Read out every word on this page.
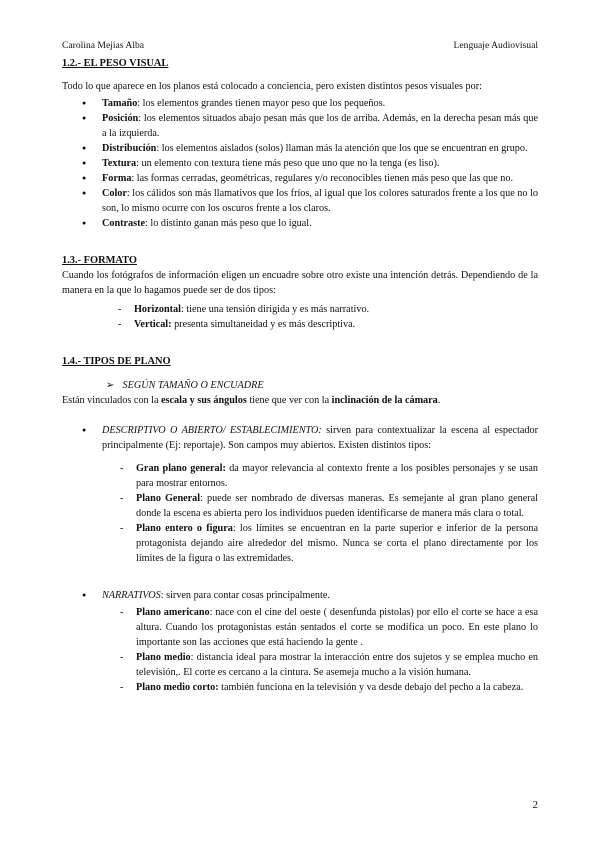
Carolina Mejías Alba	Lenguaje Audiovisual
1.2.- EL PESO VISUAL

Todo lo que aparece en los planos está colocado a conciencia, pero existen distintos pesos visuales por:

● Tamaño: los elementos grandes tienen mayor peso que los pequeños.
● Posición: los elementos situados abajo pesan más que los de arriba. Además, en la derecha pesan más que a la izquierda.
● Distribución: los elementos aislados (solos) llaman más la atención que los que se encuentran en grupo.
● Textura: un elemento con textura tiene más peso que uno que no la tenga (es liso).
● Forma: las formas cerradas, geométricas, regulares y/o reconocibles tienen más peso que las que no.
● Color: los cálidos son más llamativos que los fríos, al igual que los colores saturados frente a los que no lo son, lo mismo ocurre con los oscuros frente a los claros.
● Contraste: lo distinto ganan más peso que lo igual.
1.3.- FORMATO

Cuando los fotógrafos de información eligen un encuadre sobre otro existe una intención detrás. Dependiendo de la manera en la que lo hagamos puede ser de dos tipos:

- Horizontal: tiene una tensión dirigida y es más narrativo.
- Vertical: presenta simultaneidad y es más descriptiva.
1.4.- TIPOS DE PLANO
➢ SEGÚN TAMAÑO O ENCUADRE

Están vinculados con la escala y sus ángulos tiene que ver con la inclinación de la cámara.

● DESCRIPTIVO O ABIERTO/ ESTABLECIMIENTO: sirven para contextualizar la escena al espectador principalmente (Ej: reportaje). Son campos muy abiertos. Existen distintos tipos:
- Gran plano general: da mayor relevancia al contexto frente a los posibles personajes y se usan para mostrar entornos.
- Plano General: puede ser nombrado de diversas maneras. Es semejante al gran plano general donde la escena es abierta pero los individuos pueden identificarse de manera más clara o total.
- Plano entero o figura: los límites se encuentran en la parte superior e inferior de la persona protagonista dejando aire alrededor del mismo. Nunca se corta el plano directamente por los límites de la figura o las extremidades.
● NARRATIVOS: sirven para contar cosas principalmente.
- Plano americano: nace con el cine del oeste ( desenfunda pistolas) por ello el corte se hace a esa altura. Cuando los protagonistas están sentados el corte se modifica un poco. En este plano lo importante son las acciones que está haciendo la gente .
- Plano medio: distancia ideal para mostrar la interacción entre dos sujetos y se emplea mucho en televisión,. El corte es cercano a la cintura. Se asemeja mucho a la visión humana.
- Plano medio corto: también funciona en la televisión y va desde debajo del pecho a la cabeza.
2
